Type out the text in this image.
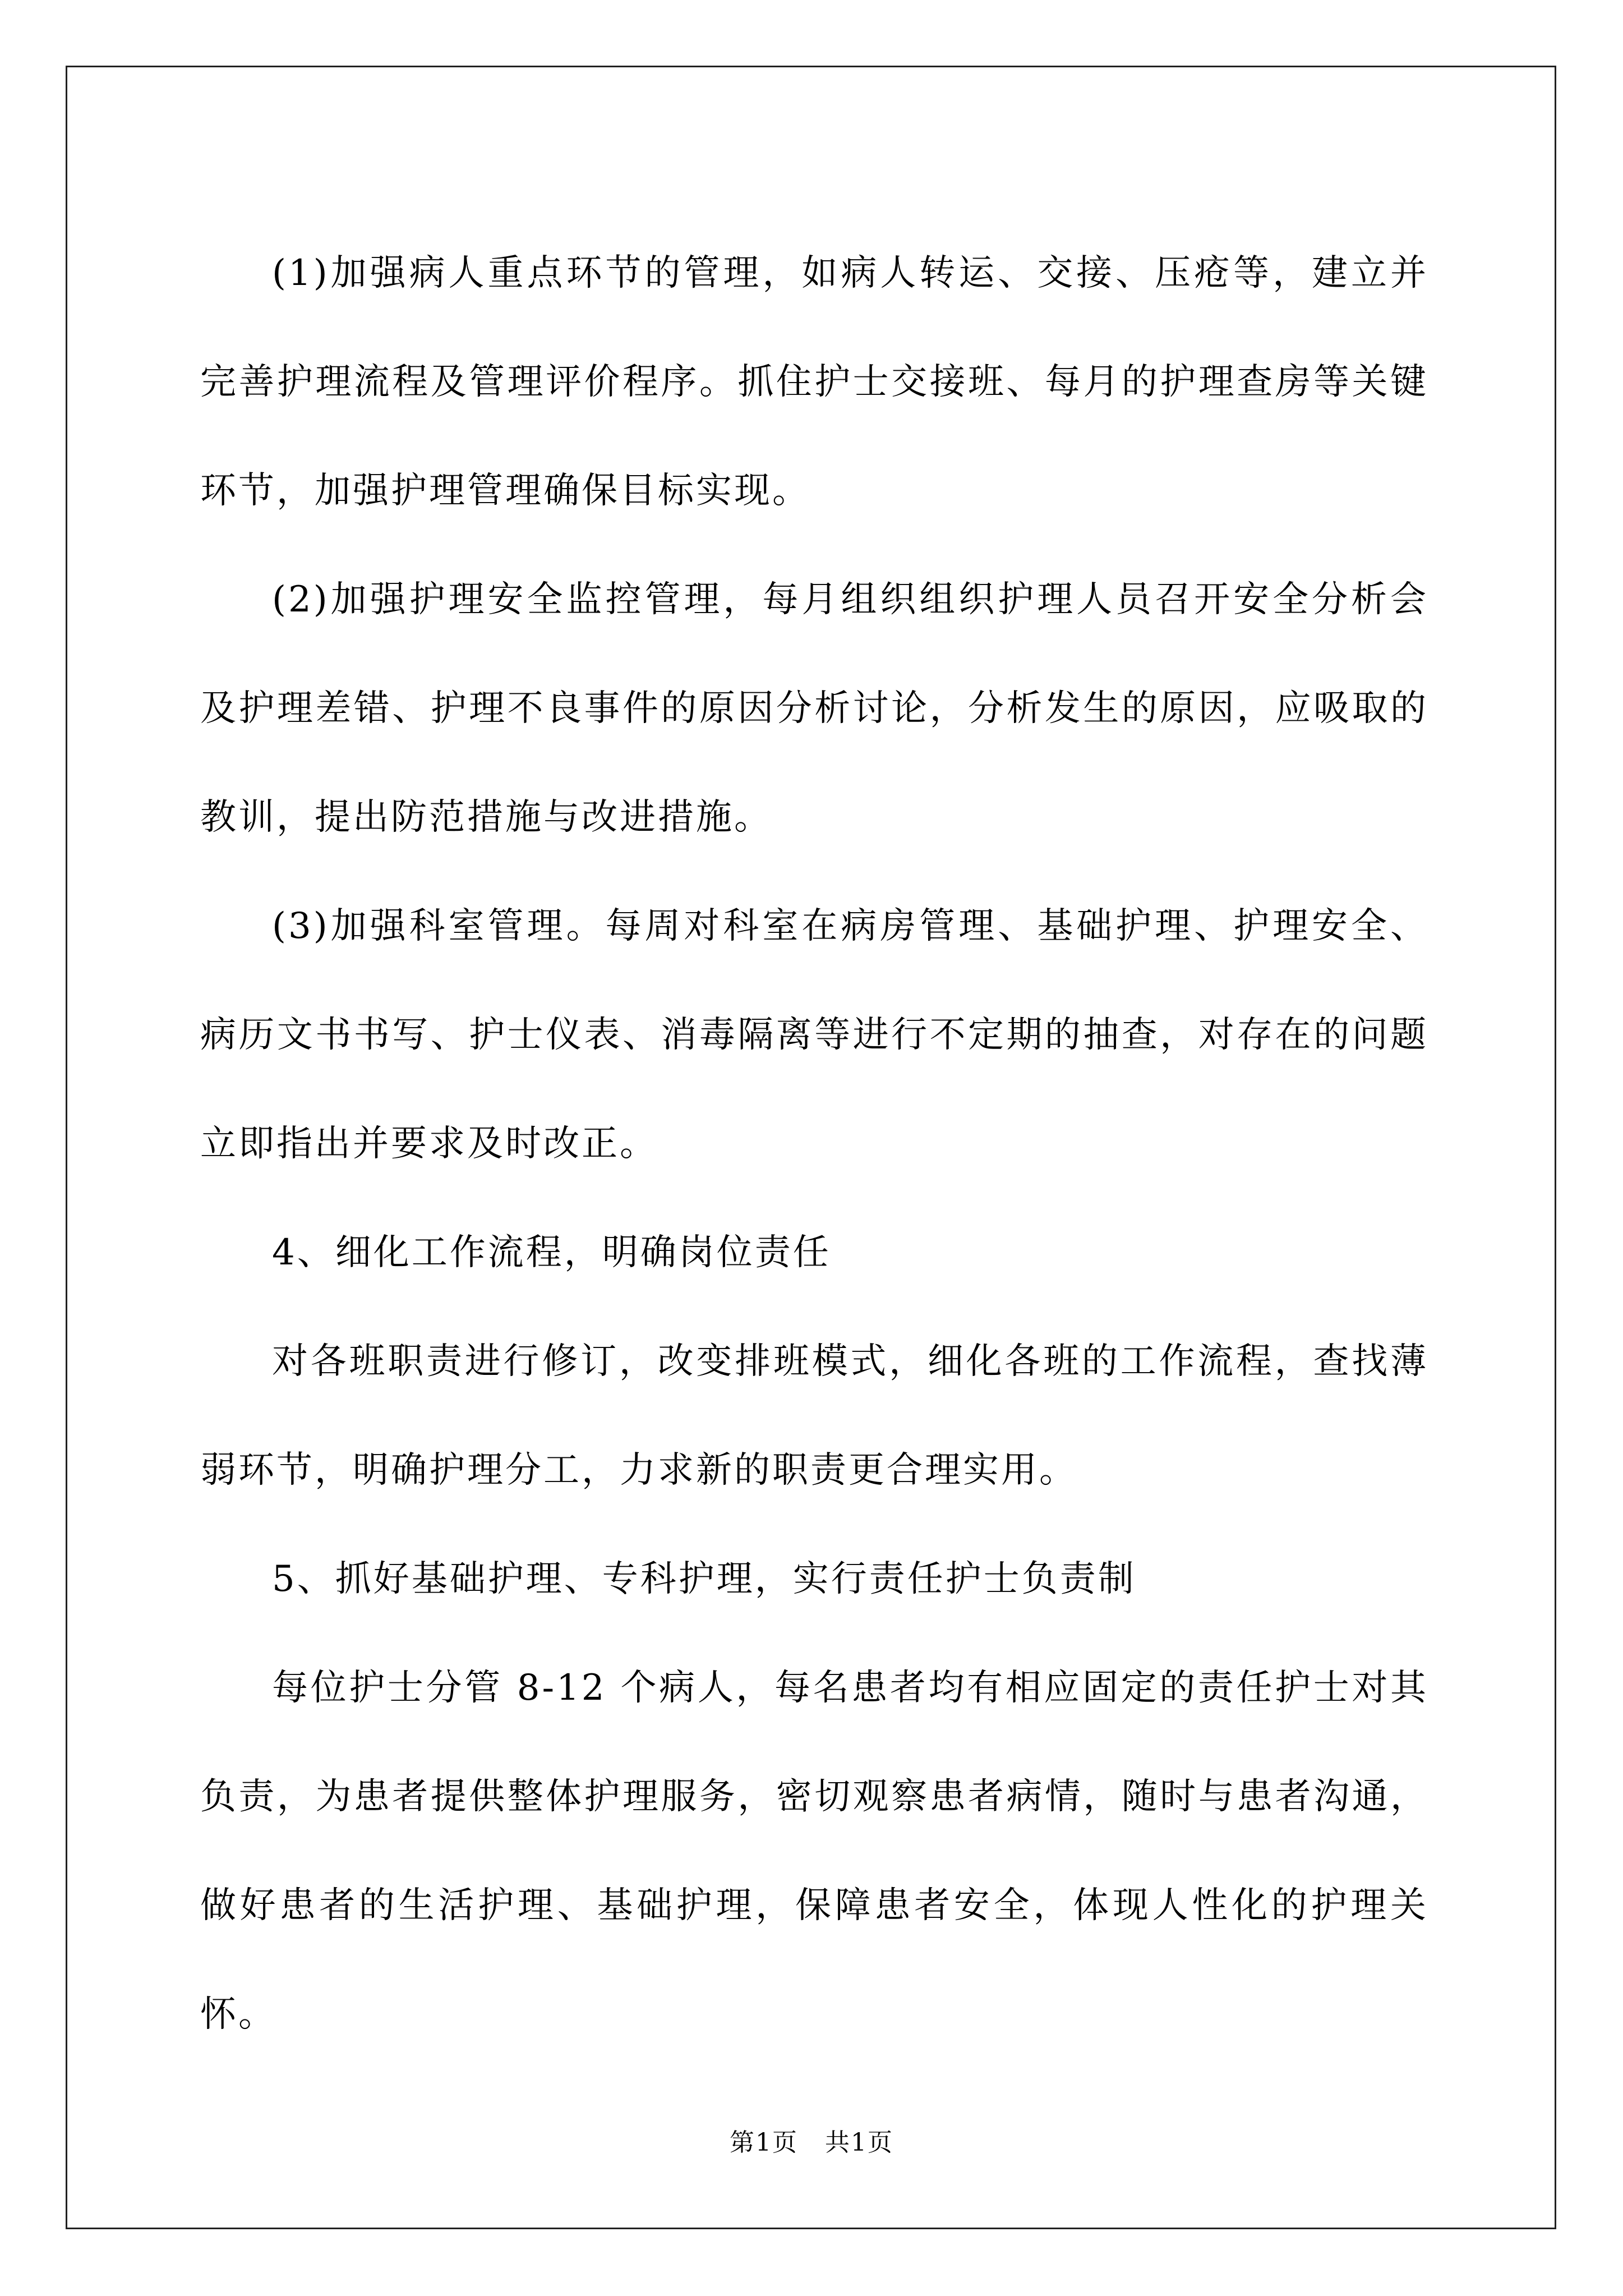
(1)加强病人重点环节的管理，如病人转运、交接、压疮等，建立并完善护理流程及管理评价程序。抓住护士交接班、每月的护理查房等关键环节，加强护理管理确保目标实现。

(2)加强护理安全监控管理，每月组织组织护理人员召开安全分析会及护理差错、护理不良事件的原因分析讨论，分析发生的原因，应吸取的教训，提出防范措施与改进措施。

(3)加强科室管理。每周对科室在病房管理、基础护理、护理安全、病历文书书写、护士仪表、消毒隔离等进行不定期的抽查，对存在的问题立即指出并要求及时改正。

4、细化工作流程，明确岗位责任

对各班职责进行修订，改变排班模式，细化各班的工作流程，查找薄弱环节，明确护理分工，力求新的职责更合理实用。

5、抓好基础护理、专科护理，实行责任护士负责制

每位护士分管 8-12 个病人，每名患者均有相应固定的责任护士对其负责，为患者提供整体护理服务，密切观察患者病情，随时与患者沟通，做好患者的生活护理、基础护理，保障患者安全，体现人性化的护理关怀。

第1页   共1页
